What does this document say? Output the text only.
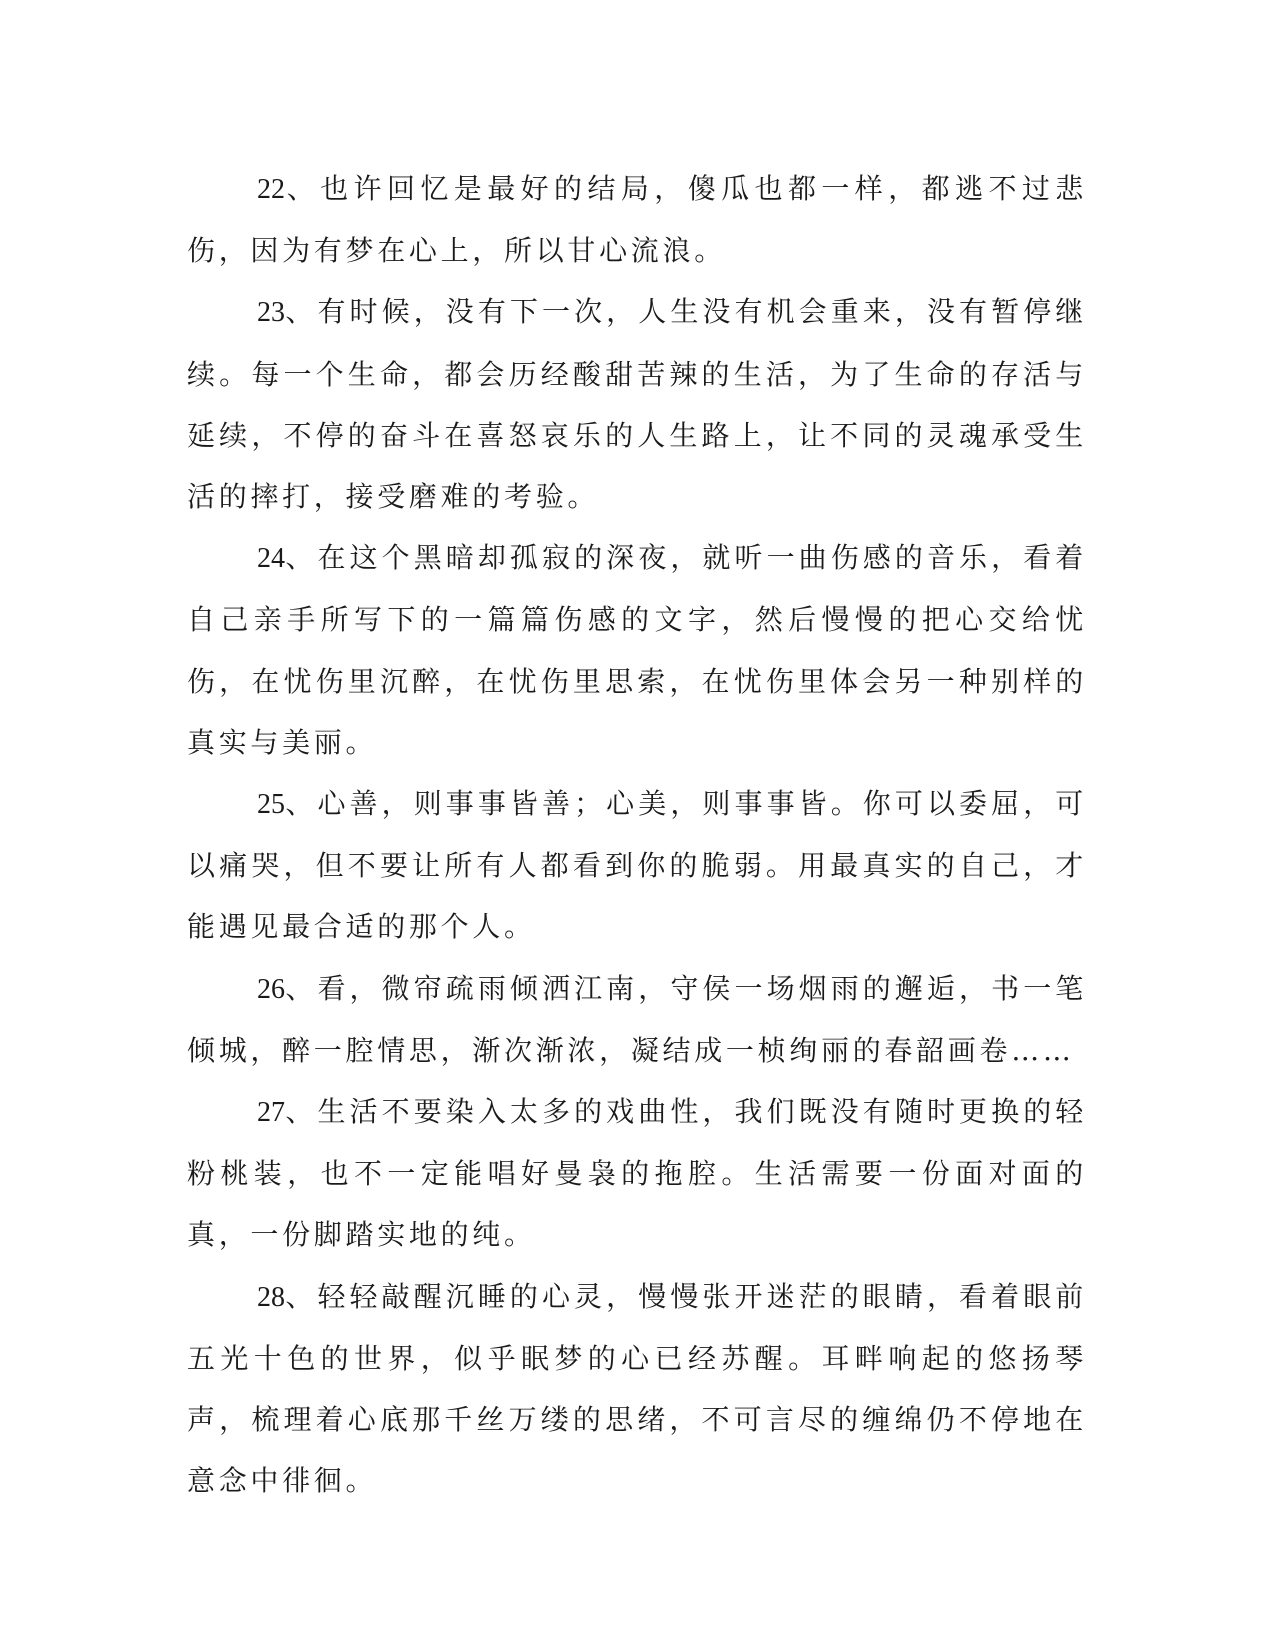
22、也许回忆是最好的结局，傻瓜也都一样，都逃不过悲伤，因为有梦在心上，所以甘心流浪。

23、有时候，没有下一次，人生没有机会重来，没有暂停继续。每一个生命，都会历经酸甜苦辣的生活，为了生命的存活与延续，不停的奋斗在喜怒哀乐的人生路上，让不同的灵魂承受生活的摔打，接受磨难的考验。

24、在这个黑暗却孤寂的深夜，就听一曲伤感的音乐，看着自己亲手所写下的一篇篇伤感的文字，然后慢慢的把心交给忧伤，在忧伤里沉醉，在忧伤里思索，在忧伤里体会另一种别样的真实与美丽。

25、心善，则事事皆善；心美，则事事皆。你可以委屈，可以痛哭，但不要让所有人都看到你的脆弱。用最真实的自己，才能遇见最合适的那个人。

26、看，微帘疏雨倾洒江南，守侯一场烟雨的邂逅，书一笔倾城，醉一腔情思，渐次渐浓，凝结成一桢绚丽的春韶画卷……

27、生活不要染入太多的戏曲性，我们既没有随时更换的轻粉桃装，也不一定能唱好曼袅的拖腔。生活需要一份面对面的真，一份脚踏实地的纯。

28、轻轻敲醒沉睡的心灵，慢慢张开迷茫的眼睛，看着眼前五光十色的世界，似乎眠梦的心已经苏醒。耳畔响起的悠扬琴声，梳理着心底那千丝万缕的思绪，不可言尽的缠绵仍不停地在意念中徘徊。
